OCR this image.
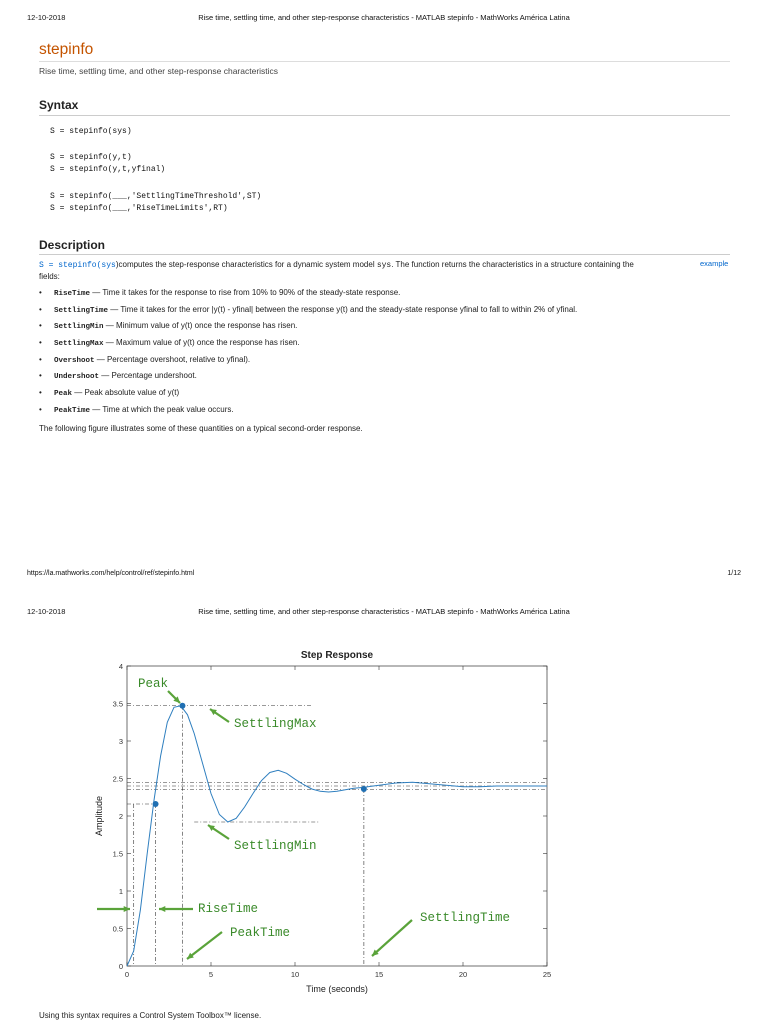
12-10-2018	Rise time, settling time, and other step-response characteristics - MATLAB stepinfo - MathWorks América Latina
stepinfo
Rise time, settling time, and other step-response characteristics
Syntax
S = stepinfo(sys)
S = stepinfo(y,t)
S = stepinfo(y,t,yfinal)
S = stepinfo(___,'SettlingTimeThreshold',ST)
S = stepinfo(___,'RiseTimeLimits',RT)
Description
S = stepinfo(sys)computes the step-response characteristics for a dynamic system model sys. The function returns the characteristics in a structure containing the fields:
example
• RiseTime — Time it takes for the response to rise from 10% to 90% of the steady-state response.
• SettlingTime — Time it takes for the error |y(t) - yfinal| between the response y(t) and the steady-state response yfinal to fall to within 2% of yfinal.
• SettlingMin — Minimum value of y(t) once the response has risen.
• SettlingMax — Maximum value of y(t) once the response has risen.
• Overshoot — Percentage overshoot, relative to yfinal).
• Undershoot — Percentage undershoot.
• Peak — Peak absolute value of y(t)
• PeakTime — Time at which the peak value occurs.
The following figure illustrates some of these quantities on a typical second-order response.
https://la.mathworks.com/help/control/ref/stepinfo.html	1/12
12-10-2018	Rise time, settling time, and other step-response characteristics - MATLAB stepinfo - MathWorks América Latina
Step Response
0	5	10	15	20	25
0
0.5
1
1.5
2
2.5
3
3.5
4
Time (seconds)
Amplitude
Peak
SettlingMax
SettlingMin
RiseTime
PeakTime
SettlingTime
Using this syntax requires a Control System Toolbox™ license.
